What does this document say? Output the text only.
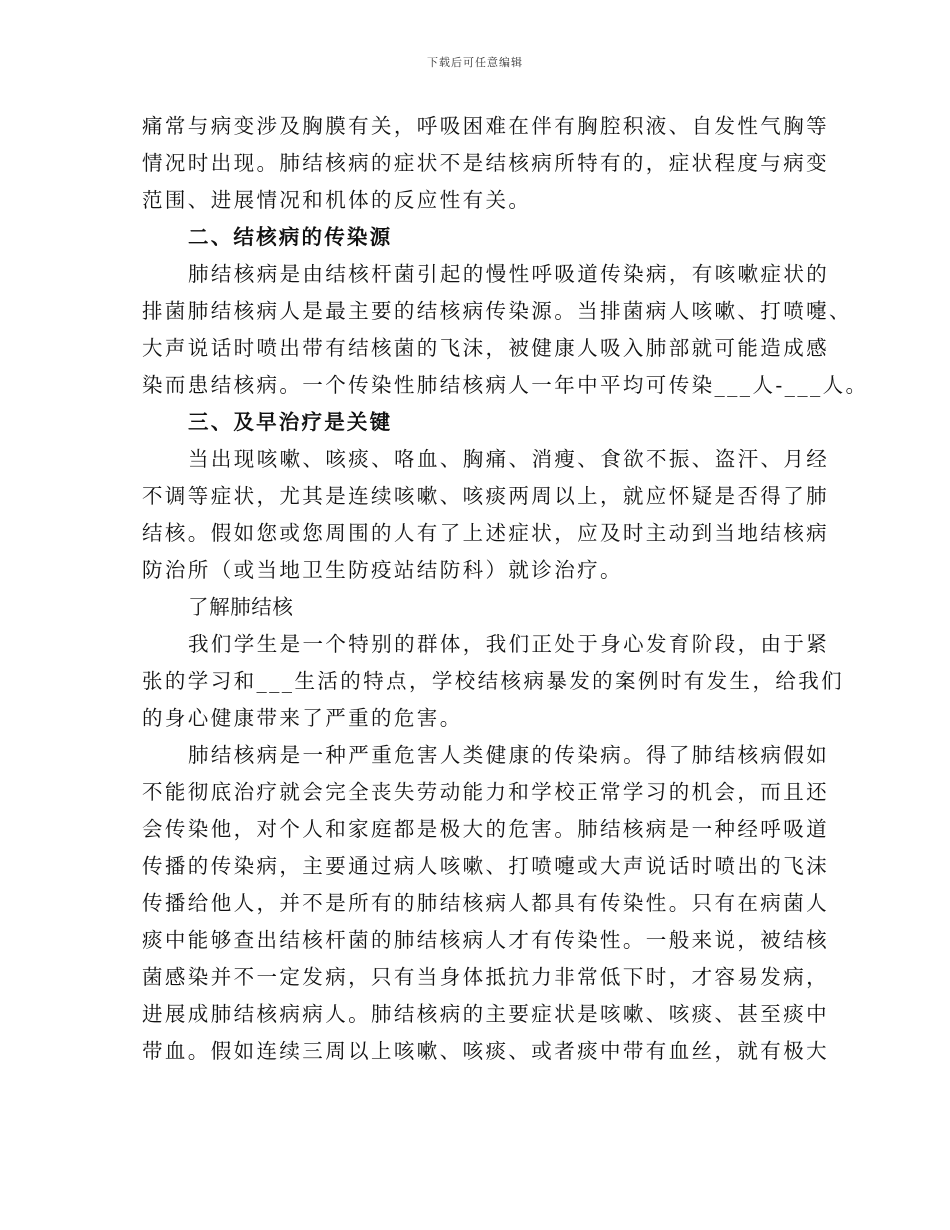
下载后可任意编辑
痛常与病变涉及胸膜有关，呼吸困难在伴有胸腔积液、自发性气胸等
情况时出现。肺结核病的症状不是结核病所特有的，症状程度与病变
范围、进展情况和机体的反应性有关。
二、结核病的传染源
肺结核病是由结核杆菌引起的慢性呼吸道传染病，有咳嗽症状的
排菌肺结核病人是最主要的结核病传染源。当排菌病人咳嗽、打喷嚏、
大声说话时喷出带有结核菌的飞沫，被健康人吸入肺部就可能造成感
染而患结核病。一个传染性肺结核病人一年中平均可传染___人-___人。
三、及早治疗是关键
当出现咳嗽、咳痰、咯血、胸痛、消瘦、食欲不振、盗汗、月经
不调等症状，尤其是连续咳嗽、咳痰两周以上，就应怀疑是否得了肺
结核。假如您或您周围的人有了上述症状，应及时主动到当地结核病
防治所（或当地卫生防疫站结防科）就诊治疗。
了解肺结核
我们学生是一个特别的群体，我们正处于身心发育阶段，由于紧
张的学习和___生活的特点，学校结核病暴发的案例时有发生，给我们
的身心健康带来了严重的危害。
肺结核病是一种严重危害人类健康的传染病。得了肺结核病假如
不能彻底治疗就会完全丧失劳动能力和学校正常学习的机会，而且还
会传染他，对个人和家庭都是极大的危害。肺结核病是一种经呼吸道
传播的传染病，主要通过病人咳嗽、打喷嚏或大声说话时喷出的飞沫
传播给他人，并不是所有的肺结核病人都具有传染性。只有在病菌人
痰中能够查出结核杆菌的肺结核病人才有传染性。一般来说，被结核
菌感染并不一定发病，只有当身体抵抗力非常低下时，才容易发病，
进展成肺结核病病人。肺结核病的主要症状是咳嗽、咳痰、甚至痰中
带血。假如连续三周以上咳嗽、咳痰、或者痰中带有血丝，就有极大
